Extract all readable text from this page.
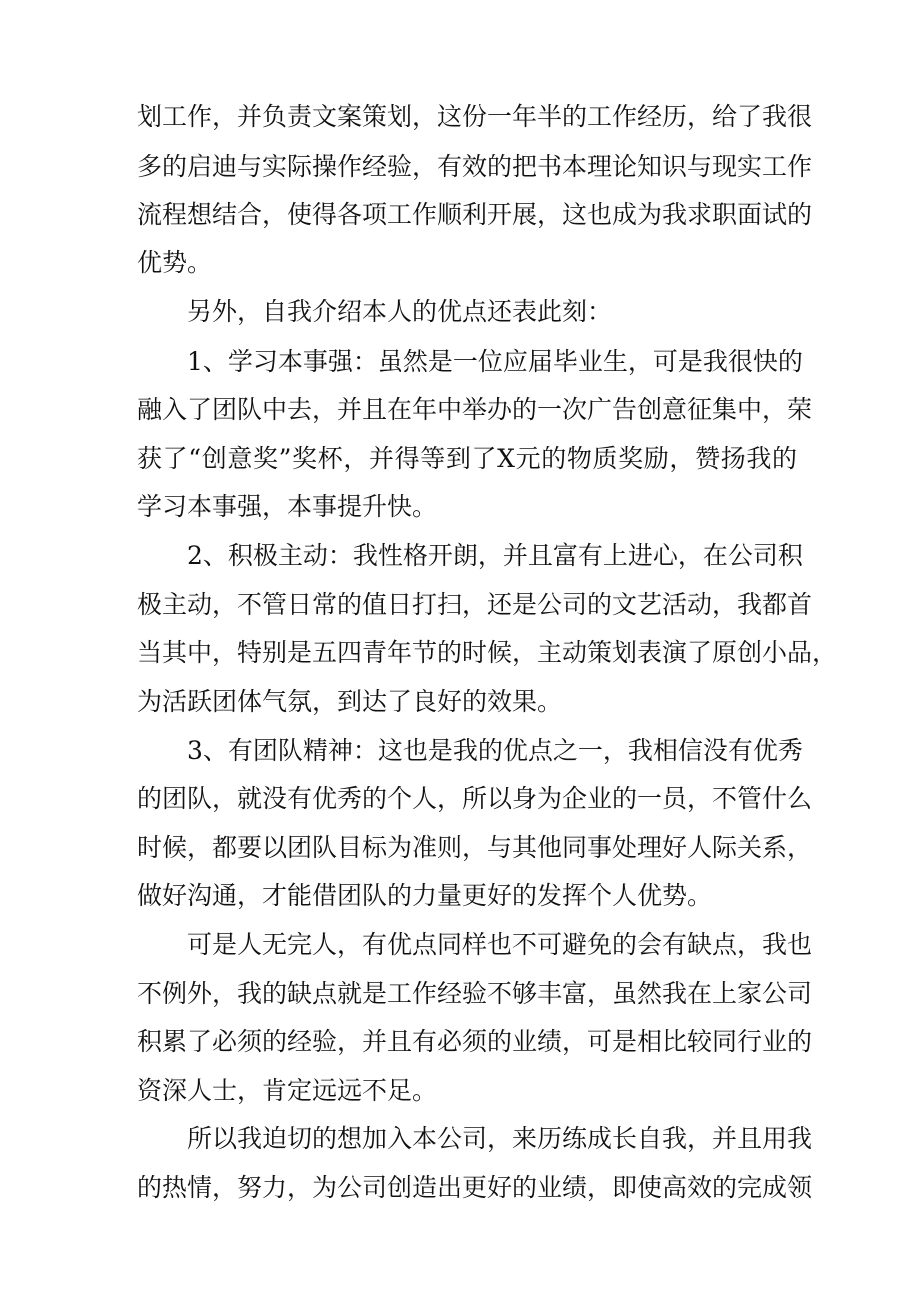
划工作，并负责文案策划，这份一年半的工作经历，给了我很
多的启迪与实际操作经验，有效的把书本理论知识与现实工作
流程想结合，使得各项工作顺利开展，这也成为我求职面试的
优势。
另外，自我介绍本人的优点还表此刻：
1、学习本事强：虽然是一位应届毕业生，可是我很快的
融入了团队中去，并且在年中举办的一次广告创意征集中，荣
获了“创意奖”奖杯，并得等到了X元的物质奖励，赞扬我的
学习本事强，本事提升快。
2、积极主动：我性格开朗，并且富有上进心，在公司积
极主动，不管日常的值日打扫，还是公司的文艺活动，我都首
当其中，特别是五四青年节的时候，主动策划表演了原创小品，
为活跃团体气氛，到达了良好的效果。
3、有团队精神：这也是我的优点之一，我相信没有优秀
的团队，就没有优秀的个人，所以身为企业的一员，不管什么
时候，都要以团队目标为准则，与其他同事处理好人际关系，
做好沟通，才能借团队的力量更好的发挥个人优势。
可是人无完人，有优点同样也不可避免的会有缺点，我也
不例外，我的缺点就是工作经验不够丰富，虽然我在上家公司
积累了必须的经验，并且有必须的业绩，可是相比较同行业的
资深人士，肯定远远不足。
所以我迫切的想加入本公司，来历练成长自我，并且用我
的热情，努力，为公司创造出更好的业绩，即使高效的完成领
